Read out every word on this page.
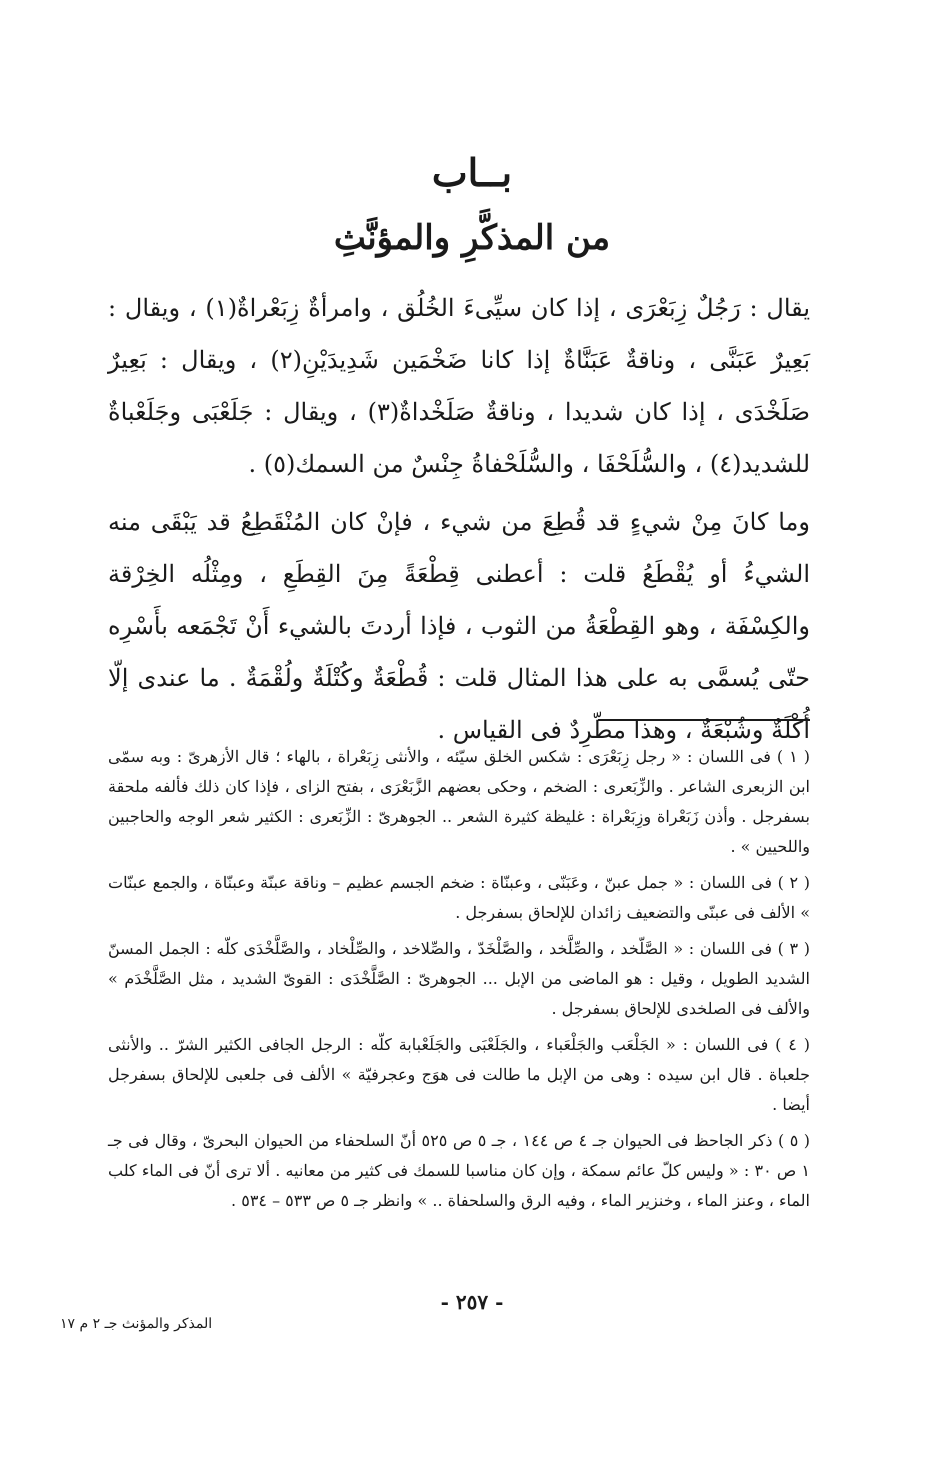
بــاب
من المذكَّرِ والمؤنَّثِ

يقال : رَجُلٌ زِبَعْرَى ، إذا كان سيِّىءَ الخُلُق ، وامرأةٌ زِبَعْراةٌ(١) ، ويقال : بَعِيرٌ عَبَنَّى ، وناقةٌ عَبَنَّاةٌ إذا كانا ضَخْمَين شَدِيدَيْنِ(٢) ، ويقال : بَعِيرٌ صَلَخْدَى ، إذا كان شديدا ، وناقةٌ صَلَخْداةٌ(٣) ، ويقال : جَلَعْبَى وجَلَعْباةٌ للشديد(٤) ، والسُّلَحْفَا ، والسُّلَحْفاةُ جِنْسٌ من السمك(٥) .

وما كانَ مِنْ شيءٍ قد قُطِعَ من شيء ، فإنْ كان المُنْقَطِعُ قد يَبْقَى منه الشيءُ أو يُقْطَعُ قلت : أعطنى قِطْعَةً مِنَ القِطَعِ ، ومِثْلُه الخِرْقة والكِسْفَة ، وهو القِطْعَةُ من الثوب ، فإذا أردتَ بالشيء أَنْ تَجْمَعه بأَسْرِه حتّى يُسمَّى به على هذا المثال قلت : قُطْعَةٌ وكُتْلَةٌ ولُقْمَةٌ . ما عندى إلّا أُكْلَةٌ وشُبْعَةٌ ، وهذا مطّرِدٌ فى القياس .

( ١ ) فى اللسان : « رجل زِبَعْرَى : شكس الخلق سيّئه ، والأنثى زِبَعْراة ، بالهاء ؛ قال الأزهرىّ : وبه سمّى ابن الزبعرى الشاعر . والزِّبَعرى : الضخم ، وحكى بعضهم الزَّبَعْرَى ، بفتح الزاى ، فإذا كان ذلك فألفه ملحقة بسفرجل . وأذن زَبَعْراة وزِبَعْراة : غليظة كثيرة الشعر .. الجوهرىّ : الزِّبَعرى : الكثير شعر الوجه والحاجبين واللحيين » .

( ٢ ) فى اللسان : « جمل عبنّ ، وعَبَنّى ، وعبنّاة : ضخم الجسم عظيم – وناقة عبنّة وعبنّاة ، والجمع عبنّات » الألف فى عبنّى والتضعيف زائدان للإلحاق بسفرجل .

( ٣ ) فى اللسان : « الصَّلّخد ، والصِّلَّخد ، والصَّلْخَدّ ، والصِّلاخد ، والصِّلْخاد ، والصَّلَّخْدَى كلّه : الجمل المسنّ الشديد الطويل ، وقيل : هو الماضى من الإبل ... الجوهرىّ : الصَّلَّخْدَى : القوىّ الشديد ، مثل الصَّلَّخْدَم » والألف فى الصلخدى للإلحاق بسفرجل .

( ٤ ) فى اللسان : « الجَلْعَب والجَلْعَباء ، والجَلَعْبَى والجَلَعْبابة كلّه : الرجل الجافى الكثير الشرّ .. والأنثى جلعباة . قال ابن سيده : وهى من الإبل ما طالت فى هوَج وعجرفيّة » الألف فى جلعبى للإلحاق بسفرجل أيضا .

( ٥ ) ذكر الجاحظ فى الحيوان جـ ٤ ص ١٤٤ ، جـ ٥ ص ٥٢٥ أنّ السلحفاء من الحيوان البحرىّ ، وقال فى جـ ١ ص ٣٠ : « وليس كلّ عائم سمكة ، وإن كان مناسبا للسمك فى كثير من معانيه . ألا ترى أنّ فى الماء كلب الماء ، وعنز الماء ، وخنزير الماء ، وفيه الرق والسلحفاة .. » وانظر جـ ٥ ص ٥٣٣ – ٥٣٤ .

- ٢٥٧ -
المذكر والمؤنث جـ ٢ م ١٧
